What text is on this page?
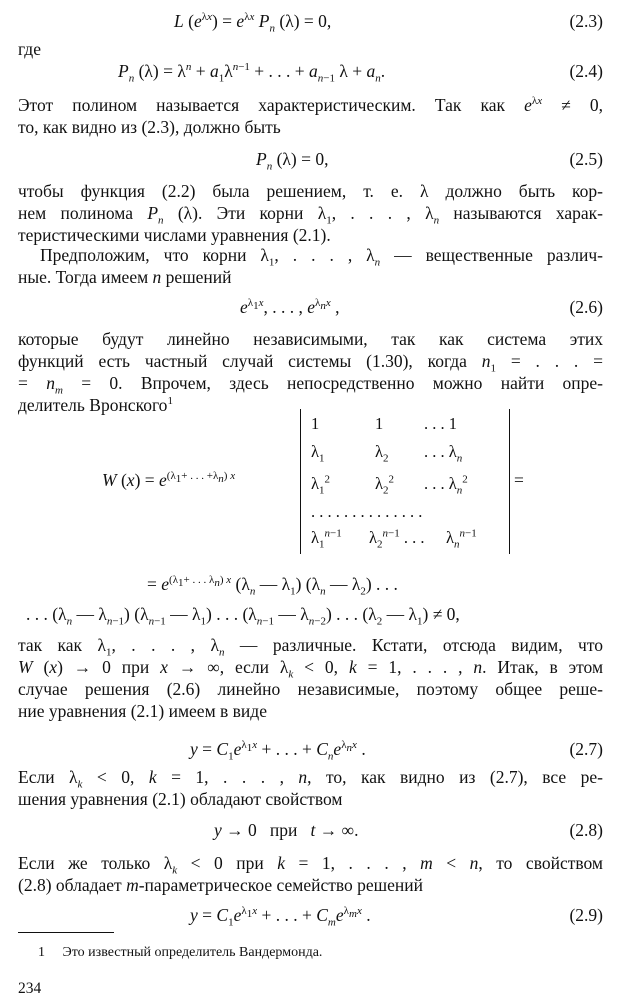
L $(e^{\lambda x}) = e^{\lambda x}$ $P_n$ (λ) = 0,	(2.3)
где
$P_n$ $(\lambda) = \lambda^n + a_1\lambda^{n-1}$ + . . . + $a_{n-1}$ $\lambda + a_n$.	(2.4)
Этот полином называется характеристическим. Так как $e^{\lambda x} \ne 0$,
то, как видно из (2.3), должно быть
$P_n$ (λ) = 0,	(2.5)
чтобы функция (2.2) была решением, т. е. λ должно быть кор-
нем полинома $P_n$ (λ). Эти корни $\lambda_1$, . . . , $\lambda_n$ называются харак-
теристическими числами уравнения (2.1).
Предположим, что корни $\lambda_1$, . . . , $\lambda_n$ — вещественные различ-
ные. Тогда имеем n решений
$e^{\lambda_1x}$, . . . , $e^{\lambda_nx}$ ,	(2.6)
которые будут линейно независимыми, так как система этих
функций есть частный случай системы (1.30), когда $n_1$ = . . . =
= $n_m = 0$. Впрочем, здесь непосредственно можно найти опре-
делитель Вронского$^1$
W $(x) = e^{(\lambda_1+ . . . +\lambda_n) x}$	=
1	1 . . . 1
$\lambda_1$	$\lambda_2$ . . . $\lambda_n$
$\lambda_1^2$	$\lambda_2^2$ . . . $\lambda_n^2$
. . . . . . . . . . . . . .
$\lambda_1^{n-1}$ $\lambda_2^{n-1}$ . . . $\lambda_n^{n-1}$
= $e^{(\lambda_1+ . . . \lambda_n) x}$ ($\lambda_n$ — $\lambda_1$) ($\lambda_n$ — $\lambda_2$) . . .
. . . ($\lambda_n$ — $\lambda_{n-1}$) ($\lambda_{n-1}$ — $\lambda_1$) . . . ($\lambda_{n-1}$ — $\lambda_{n-2}$) . . . ($\lambda_2$ — $\lambda_1) \ne 0$,
так как $\lambda_1$, . . . , $\lambda_n$ — различные. Кстати, отсюда видим, что
W (x) → 0 при x → ∞, если $\lambda_k < 0$, k = 1, . . . , n. Итак, в этом
случае решения (2.6) линейно независимые, поэтому общее реше-
ние уравнения (2.1) имеем в виде
$y = C_1e^{\lambda_1x}$ + . . . + $C_ne^{\lambda_nx}$ .	(2.7)
Если $\lambda_k < 0$, k = 1, . . . , n, то, как видно из (2.7), все ре-
шения уравнения (2.1) обладают свойством
y → 0   при   t → ∞.	(2.8)
Если же только $\lambda_k < 0$ при k = 1, . . . , m < n, то свойством
(2.8) обладает m-параметрическое семейство решений
$y = C_1e^{\lambda_1x}$ + . . . + $C_me^{\lambda_mx}$ .	(2.9)
1 Это известный определитель Вандермонда.
234
